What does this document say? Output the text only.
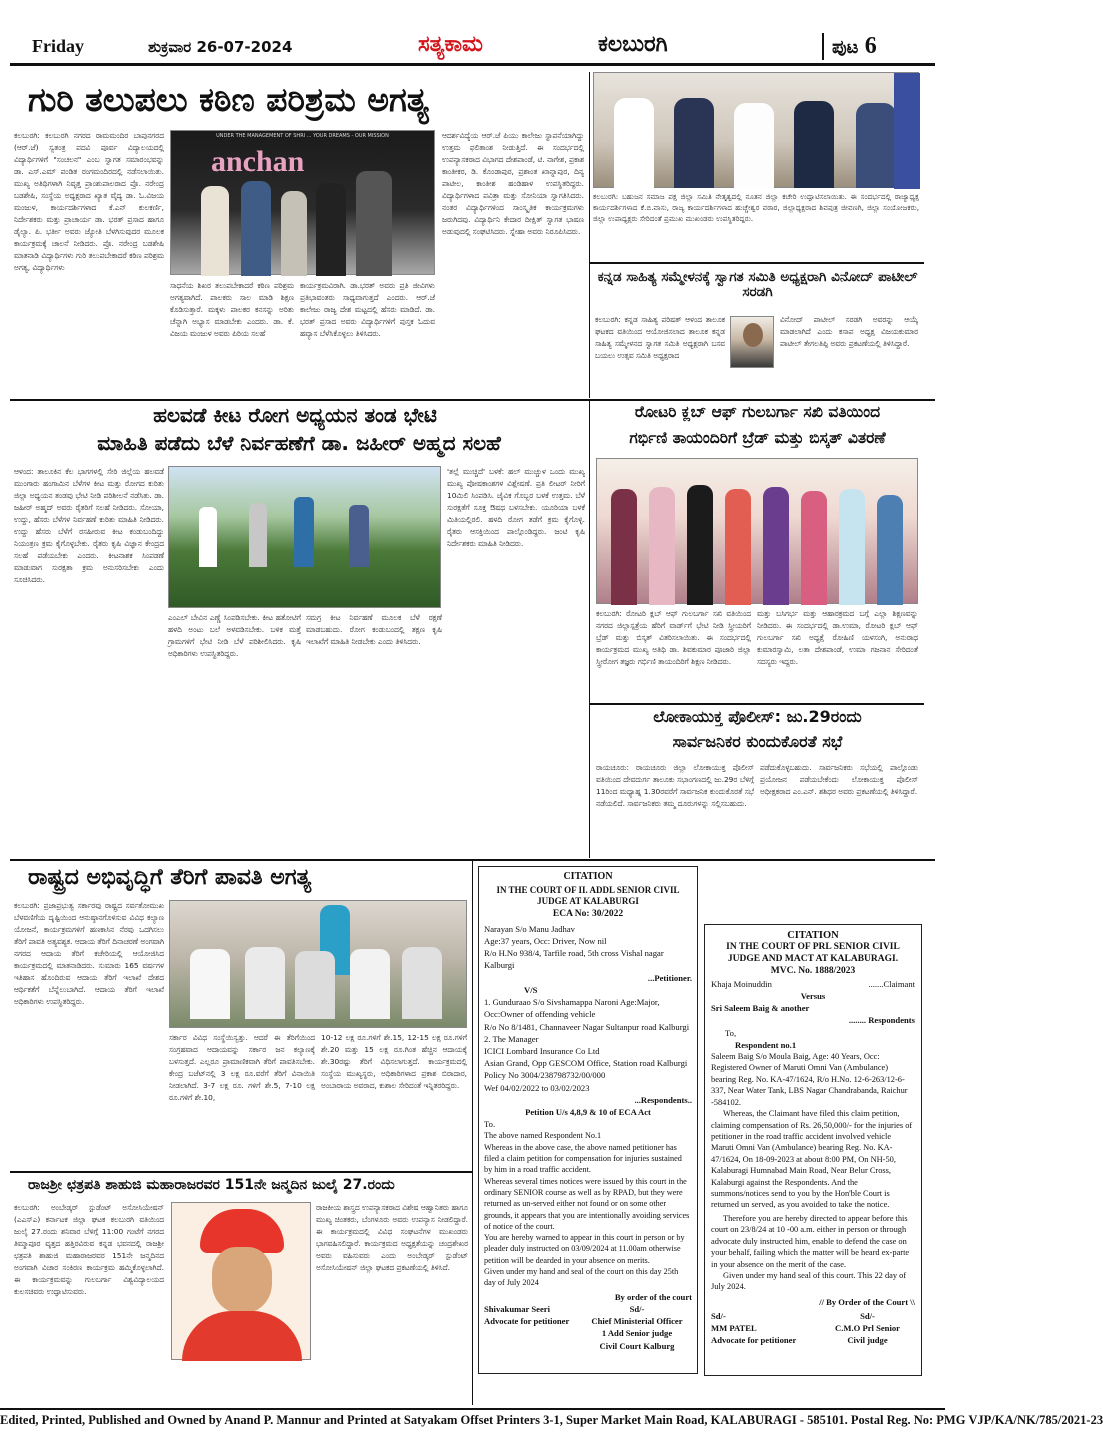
Friday	ಶುಕ್ರವಾರ 26-07-2024	ಸತ್ಯಕಾಮ	ಕಲಬುರಗಿ	ಪುಟ 6
ಗುರಿ ತಲುಪಲು ಕಠಿಣ ಪರಿಶ್ರಮ ಅಗತ್ಯ
ಕಲಬುರಗಿ: ಕಲಬುರಗಿ ನಗರದ ರಾಮಮಂದಿರ ಬಾಪುನಗರದ (ಆರ್.ಜೆ) ಸ್ವತಂತ್ರ ಪದವಿ ಪೂರ್ವ ವಿದ್ಯಾಲಯದಲ್ಲಿ ವಿದ್ಯಾರ್ಥಿಗಳಿಗೆ "ಸಂಚಲನ" ಎಂಬ ಸ್ವಾಗತ ಸಮಾರಂಭವನ್ನು ಡಾ. ಎಸ್.ಎಮ್ ಪಂಡಿತ ರಂಗಮಂದಿರದಲ್ಲಿ ನಡೆಸಲಾಯಿತು. ಮುಖ್ಯ ಅತಿಥಿಗಳಾಗಿ ನಿವೃತ್ತ ಪ್ರಾಂಶುಪಾಲರಾದ ಪ್ರೊ. ನರೇಂದ್ರ ಬಡಶೇಷಿ, ಸಂಸ್ಥೆಯ ಅಧ್ಯಕ್ಷರಾದ ಖ್ಯಾತ ವೈದ್ಯ ಡಾ. ಓ.ವಿಜಯ ಮಂಜುಳ, ಕಾರ್ಯದರ್ಶಿಗಳಾದ ಕೆ.ಎನ್ ಕುಲಕರ್ಣಿ, ನಿರ್ದೇಶಕರು ಮತ್ತು ಪ್ರಾಚಾರ್ಯ ಡಾ. ಭರತ್ ಪ್ರಸಾದ ಹಾಗೂ ಡೈಲ್ಯಾ. ಪಿ. ಭರ್ತೀ ಅವರು ಜ್ಯೋತಿ ಬೆಳಗಿಸುವುದರ ಮೂಲಕ ಕಾರ್ಯಕ್ರಮಕ್ಕೆ ಚಾಲನೆ ನೀಡಿದರು. ಪ್ರೊ. ನರೇಂದ್ರ ಬಡಶೇಷಿ ಮಾತನಾಡಿ ವಿದ್ಯಾರ್ಥಿಗಳು ಗುರಿ ತಲುಪಬೇಕಾದರೆ ಕಠಿಣ ಪರಿಶ್ರಮ ಅಗತ್ಯ, ವಿದ್ಯಾರ್ಥಿಗಳು
UNDER THE MANAGEMENT OF SHRI ... YOUR DREAMS - OUR MISSION
anchan
ಸಾಧನೆಯ ಶಿಖರ ತಲುಪಬೇಕಾದರೆ ಕಠಿಣ ಪರಿಶ್ರಮ ಅಗತ್ಯವಾಗಿದೆ. ಪಾಲಕರು ಸಾಲ ಮಾಡಿ ಶಿಕ್ಷಣ ಕೊಡಿಸುತ್ತಾರೆ. ಮಕ್ಕಳು ಪಾಲಕರ ಕನಸನ್ನು ಅರಿತು ಚೆನ್ನಾಗಿ ಅಭ್ಯಾಸ ಮಾಡಬೇಕು ಎಂದರು. ಡಾ. ಕೆ. ವಿಜಯ ಮಂಜುಳ ಅವರು ಪಿರಿಯ ಸಲಹೆ
ಕಾರ್ಯಕ್ರಮವಿರಾಗಿ. ಡಾ.ಭರತ್ ಅವರು ಪ್ರತಿ ಜೀವಿಗಳು ಪ್ರತಿಭಾವಂತರು ಸಾಧ್ಯವಾಗುತ್ತದೆ ಎಂದರು. ಆರ್.ಜೆ ಕಾಲೇಜು ರಾಜ್ಯ ದೇಶ ಮಟ್ಟದಲ್ಲಿ ಹೆಸರು ಮಾಡಿದೆ. ಡಾ. ಭರತ್ ಪ್ರಸಾದ ಅವರು ವಿದ್ಯಾರ್ಥಿಗಳಿಗೆ ಪುಸ್ತಕ ಓದುವ ಹವ್ಯಾಸ ಬೆಳೆಸಿಕೊಳ್ಳಲು ತಿಳಿಸಿದರು.
ಆದರ್ಶವಿದ್ಯೆಯ ಆರ್.ಜೆ ಪಿಯು ಕಾಲೇಜು ಸ್ಥಾಪನೆಯಾಗಿದ್ದು ಉತ್ತಮ ಫಲಿತಾಂಶ ನೀಡುತ್ತಿದೆ. ಈ ಸಂದರ್ಭದಲ್ಲಿ ಉಪನ್ಯಾಸಕರಾದ ವಿಭಾಗದ ದೇಶಪಾಂಡೆ, ಟಿ. ನಾಗೇಶ, ಪ್ರಕಾಶ ಕಾಂತೀಕರ, ಡಿ. ಕೊಂಡಾಪುರ, ಪ್ರಶಾಂತ ಖಾನ್ನಾಪುರ, ದಿನ್ಯ ಪಾಟೀಲ, ಕಾಂತೀಶ ಹಂಡಿಹಾಳ ಉಪಸ್ಥಿತರಿದ್ದರು. ವಿದ್ಯಾರ್ಥಿಗಳಾದ ಪವಿತ್ರಾ ಮತ್ತು ಸೋನಿಯಾ ಸ್ವಾಗತಿಸಿದರು. ನಂತರ ವಿದ್ಯಾರ್ಥಿಗಳಿಂದ ಸಾಂಸ್ಕೃತಿಕ ಕಾರ್ಯಕ್ರಮಗಳು ಜರುಗಿದವು. ವಿದ್ಯಾರ್ಥಿನಿ ಕೇದಾರ ದೀಕ್ಷಿತ್ ಸ್ವಾಗತ ಭಾಷಣ ಅಡುವುದಲ್ಲಿ ಸಂಘಟಿಸಿದರು. ಸ್ನೇಹಾ ಅವರು ನಿರೂಪಿಸಿದರು.
ಕಲಬುರಗಿ: ಬಹುಜನ ಸಮಾಜ ಪಕ್ಷ ಜಿಲ್ಲಾ ಸಮಿತಿ ನೇತೃತ್ವದಲ್ಲಿ ನೂತನ ಜಿಲ್ಲಾ ಕಚೇರಿ ಉದ್ಘಾಟಿಸಲಾಯಿತು. ಈ ಸಂದರ್ಭದಲ್ಲಿ ರಾಜ್ಯಾಧ್ಯಕ್ಷ ಕಾರ್ಯದರ್ಶಿಗಳಾದ ಕೆ.ಬಿ.ವಾಸು, ರಾಜ್ಯ ಕಾರ್ಯದರ್ಶಿಗಳಾದ ಹುಚ್ಚೇಶ್ವರ ವಠಾರ, ಜಿಲ್ಲಾಧ್ಯಕ್ಷರಾದ ಶಿವಪುತ್ರ ಜೀವಣಗಿ, ಜಿಲ್ಲಾ ಸಂಯೋಜಕರು, ಜಿಲ್ಲಾ ಉಪಾಧ್ಯಕ್ಷರು ಸೇರಿದಂತೆ ಪ್ರಮುಖ ಮುಖಂಡರು ಉಪಸ್ಥಿತರಿದ್ದರು.
ಕನ್ನಡ ಸಾಹಿತ್ಯ ಸಮ್ಮೇಳನಕ್ಕೆ ಸ್ವಾಗತ ಸಮಿತಿ ಅಧ್ಯಕ್ಷರಾಗಿ ವಿನೋದ್ ಪಾಟೀಲ್ ಸರಡಗಿ
ಕಲಬುರಗಿ: ಕನ್ನಡ ಸಾಹಿತ್ಯ ಪರಿಷತ್ ಆಳಂದ ತಾಲೂಕ ಘಟಕದ ವತಿಯಿಂದ ಆಯೋಜಿಸಲಾದ ತಾಲೂಕ ಕನ್ನಡ ಸಾಹಿತ್ಯ ಸಮ್ಮೇಳನದ ಸ್ವಾಗತ ಸಮಿತಿ ಅಧ್ಯಕ್ಷರಾಗಿ ಬಸವ ಬಯಲು ಉತ್ಸವ ಸಮಿತಿ ಅಧ್ಯಕ್ಷರಾದ
ವಿನೋದ್ ಪಾಟೀಲ್ ಸರಡಗಿ ಅವರನ್ನು ಆಯ್ಕೆ ಮಾಡಲಾಗಿದೆ ಎಂದು ಕಸಾಪ ಅಧ್ಯಕ್ಷ ವಿಜಯಕುಮಾರ ಪಾಟೀಲ್ ತೇಗಲತಿಪ್ಪಿ ಅವರು ಪ್ರಕಟಣೆಯಲ್ಲಿ ತಿಳಿಸಿದ್ದಾರೆ.
ಹಲವಡೆ ಕೀಟ ರೋಗ ಅಧ್ಯಯನ ತಂಡ ಭೇಟಿ
ಮಾಹಿತಿ ಪಡೆದು ಬೆಳೆ ನಿರ್ವಹಣೆಗೆ ಡಾ. ಜಹೀರ್ ಅಹ್ಮದ ಸಲಹೆ
ಆಳಂದ: ತಾಲೂಕಿನ ಕೆಲ ಭಾಗಗಳಲ್ಲಿ ಸೇರಿ ಜಿಲ್ಲೆಯ ಹಲವಡೆ ಮುಂಗಾರು ಹಂಗಾಮಿನ ಬೆಳೆಗಳ ಕೀಟ ಮತ್ತು ರೋಗದ ಕುರಿತು ಜಿಲ್ಲಾ ಅಧ್ಯಯನ ತಂಡವು ಭೇಟಿ ನೀಡಿ ಪರಿಶೀಲನೆ ನಡೆಸಿತು. ಡಾ. ಜಹೀರ್ ಅಹ್ಮದ್ ಅವರು ರೈತರಿಗೆ ಸಲಹೆ ನೀಡಿದರು. ಸೋಯಾ, ಉದ್ದು, ಹೆಸರು ಬೆಳೆಗಳ ನಿರ್ವಹಣೆ ಕುರಿತು ಮಾಹಿತಿ ನೀಡಿದರು. ಉದ್ದು ಹೆಸರು ಬೆಳೆಗೆ ರಸಹೀರುವ ಕೀಟ ಕಂಡುಬಂದಿದ್ದು ನಿಯಂತ್ರಣ ಕ್ರಮ ಕೈಗೊಳ್ಳಬೇಕು. ರೈತರು ಕೃಷಿ ವಿಜ್ಞಾನ ಕೇಂದ್ರದ ಸಲಹೆ ಪಡೆಯಬೇಕು ಎಂದರು. ಕೀಟನಾಶಕ ಸಿಂಪಡಣೆ ಮಾಡುವಾಗ ಸುರಕ್ಷತಾ ಕ್ರಮ ಅನುಸರಿಸಬೇಕು ಎಂದು ಸೂಚಿಸಿದರು.
ಎಂಎಲ್ ಬೇವಿನ ಎಣ್ಣೆ ಸಿಂಪಡಿಸಬೇಕು. ಕೀಟ ಹತೋಟಿಗೆ ಹಳದಿ ಅಂಟು ಬಲೆ ಅಳವಡಿಸಬೇಕು. ಬಳಿಕ ಮತ್ತೆ ಗ್ರಾಮಗಳಿಗೆ ಭೇಟಿ ನೀಡಿ ಬೆಳೆ ಪರಿಶೀಲಿಸಿದರು. ಕೃಷಿ ಅಧಿಕಾರಿಗಳು ಉಪಸ್ಥಿತರಿದ್ದರು.
ಸಮಗ್ರ ಕೀಟ ನಿರ್ವಹಣೆ ಮೂಲಕ ಬೆಳೆ ರಕ್ಷಣೆ ಮಾಡಬಹುದು. ರೋಗ ಕಂಡುಬಂದಲ್ಲಿ ತಕ್ಷಣ ಕೃಷಿ ಇಲಾಖೆಗೆ ಮಾಹಿತಿ ನೀಡಬೇಕು ಎಂದು ತಿಳಿಸಿದರು.
'ತಲ್ಲೆ ಮುಚ್ಚಿದೆ' ಬಳಕೆ: ಹಲ್ ಮುಚ್ಚುಳ ಒಂದು ಮುಖ್ಯ ಮುಖ್ಯ ಪೋಷಕಾಂಶಗಳ ವಿಶ್ಲೇಷಣೆ. ಪ್ರತಿ ಲೀಟರ್ ನೀರಿಗೆ 10ಮಿಲಿ ಸಿಂಪಡಿಸಿ. ಜೈವಿಕ ಗೊಬ್ಬರ ಬಳಕೆ ಉತ್ತಮ. ಬೆಳೆ ಸುರಕ್ಷತೆಗೆ ಸೂಕ್ತ ಔಷಧ ಬಳಸಬೇಕು. ಯೂರಿಯಾ ಬಳಕೆ ಮಿತಿಯಲ್ಲಿರಲಿ. ಹಳದಿ ರೋಗ ತಡೆಗೆ ಕ್ರಮ ಕೈಗೊಳ್ಳಿ. ರೈತರು ಆಸಕ್ತಿಯಿಂದ ಪಾಲ್ಗೊಂಡಿದ್ದರು. ಜಂಟಿ ಕೃಷಿ ನಿರ್ದೇಶಕರು ಮಾಹಿತಿ ನೀಡಿದರು.
ರೋಟರಿ ಕ್ಲಬ್ ಆಫ್ ಗುಲಬರ್ಗಾ ಸಖಿ ವತಿಯಿಂದ
ಗರ್ಭಿಣಿ ತಾಯಂದಿರಿಗೆ ಬ್ರೆಡ್ ಮತ್ತು ಬಿಸ್ಕತ್ ವಿತರಣೆ
ಕಲಬುರಗಿ: ರೋಟರಿ ಕ್ಲಬ್ ಆಫ್ ಗುಲಬರ್ಗಾ ಸಖಿ ವತಿಯಿಂದ ನಗರದ ಜಿಲ್ಲಾಸ್ಪತ್ರೆಯ ಹೆರಿಗೆ ವಾರ್ಡ್‌ಗೆ ಭೇಟಿ ನೀಡಿ ಸ್ತ್ರೀಯರಿಗೆ ಬ್ರೆಡ್ ಮತ್ತು ಬಿಸ್ಕತ್ ವಿತರಿಸಲಾಯಿತು. ಈ ಸಂದರ್ಭದಲ್ಲಿ ಕಾರ್ಯಕ್ರಮದ ಮುಖ್ಯ ಅತಿಥಿ ಡಾ. ಶಿವಕುಮಾರ ಪೂಜಾರಿ ಜಿಲ್ಲಾ ಸ್ತ್ರೀರೋಗ ತಜ್ಞರು ಗರ್ಭಿಣಿ ತಾಯಂದಿರಿಗೆ ಶಿಕ್ಷಣ ನೀಡಿದರು.
ಮತ್ತು ಬಸಿಗರ್ಭ ಮತ್ತು ಆಹಾರಕ್ರಮದ ಬಗ್ಗೆ ಎಲ್ಲಾ ಶಿಕ್ಷಣವನ್ನು ನೀಡಿದರು. ಈ ಸಂದರ್ಭದಲ್ಲಿ ಡಾ.ಉಮಾ, ರೋಟರಿ ಕ್ಲಬ್ ಆಫ್ ಗುಲಬರ್ಗಾ ಸಖಿ ಅಧ್ಯಕ್ಷೆ ರೋಹಿಣಿ ಯಳಸಂಗಿ, ಅನುರಾಧ ಕುಮಾರಸ್ವಾಮಿ, ಲತಾ ದೇಶಪಾಂಡೆ, ಉಮಾ ಗಜನಾನ ಸೇರಿದಂತೆ ಸದಸ್ಯರು ಇದ್ದರು.
ಲೋಕಾಯುಕ್ತ ಪೊಲೀಸ್: ಜು.29ರಂದು
ಸಾರ್ವಜನಿಕರ ಕುಂದುಕೊರತೆ ಸಭೆ
ರಾಯಚೂರು: ರಾಯಚೂರು ಜಿಲ್ಲಾ ಲೋಕಾಯುಕ್ತ ಪೊಲೀಸ್ ವತಿಯಿಂದ ದೇವದುರ್ಗ ತಾಲೂಕು ಸಭಾಂಗಣದಲ್ಲಿ ಜು.29ರ ಬೆಳಿಗ್ಗೆ 11ರಿಂದ ಮಧ್ಯಾಹ್ನ 1.30ರವರೆಗೆ ಸಾರ್ವಜನಿಕ ಕುಂದುಕೊರತೆ ಸಭೆ ನಡೆಯಲಿದೆ. ಸಾರ್ವಜನಿಕರು ತಮ್ಮ ದೂರುಗಳನ್ನು ಸಲ್ಲಿಸಬಹುದು.
ಪಡೆದುಕೊಳ್ಳಬಹುದು. ಸಾರ್ವಜನಿಕರು ಸಭೆಯಲ್ಲಿ ಪಾಲ್ಗೊಂಡು ಪ್ರಯೋಜನ ಪಡೆಯಬೇಕೆಂದು ಲೋಕಾಯುಕ್ತ ಪೊಲೀಸ್ ಅಧೀಕ್ಷಕರಾದ ಎಂ.ಎನ್. ಶಶಿಧರ ಅವರು ಪ್ರಕಟಣೆಯಲ್ಲಿ ತಿಳಿಸಿದ್ದಾರೆ.
ರಾಷ್ಟ್ರದ ಅಭಿವೃದ್ಧಿಗೆ ತೆರಿಗೆ ಪಾವತಿ ಅಗತ್ಯ
ಕಲಬುರಗಿ: ಪ್ರಜಾಪ್ರಭುತ್ವ ಸರ್ಕಾರವು ರಾಷ್ಟ್ರದ ಸರ್ವತೋಮುಖ ಬೆಳವಣಿಗೆಯ ದೃಷ್ಟಿಯಿಂದ ಆನುಷ್ಠಾನಗೊಳಿಸುವ ವಿವಿಧ ಕಲ್ಯಾಣ ಯೋಜನೆ, ಕಾರ್ಯಕ್ರಮಗಳಿಗೆ ಹಣಕಾಸಿನ ನೆರವು ಒದಗಿಸಲು ತೆರಿಗೆ ಪಾವತಿ ಅತ್ಯವಶ್ಯಕ. ಆದಾಯ ತೆರಿಗೆ ದಿನಾಚರಣೆ ಅಂಗವಾಗಿ ನಗರದ ಆದಾಯ ತೆರಿಗೆ ಕಚೇರಿಯಲ್ಲಿ ಆಯೋಜಿಸಿದ ಕಾರ್ಯಕ್ರಮದಲ್ಲಿ ಮಾತನಾಡಿದರು. ಸುಮಾರು 165 ವರ್ಷಗಳ ಇತಿಹಾಸ ಹೊಂದಿರುವ ಆದಾಯ ತೆರಿಗೆ ಇಲಾಖೆ ದೇಶದ ಆರ್ಥಿಕತೆಗೆ ಬೆನ್ನೆಲುಬಾಗಿದೆ. ಆದಾಯ ತೆರಿಗೆ ಇಲಾಖೆ ಅಧಿಕಾರಿಗಳು ಉಪಸ್ಥಿತರಿದ್ದರು.
ಸರ್ಕಾರ ವಿವಿಧ ಸಂಸ್ಥೆಯಿಸ್ವತ್ತು. ಆದರೆ ಈ ತೆರಿಗೆಯಿಂದ ಸಂಗ್ರಹವಾದ ಆದಾಯವನ್ನು ಸರ್ಕಾರ ಜನ ಕಲ್ಯಾಣಕ್ಕೆ ಬಳಸುತ್ತದೆ. ಎಲ್ಲರೂ ಪ್ರಾಮಾಣಿಕವಾಗಿ ತೆರಿಗೆ ಪಾವತಿಸಬೇಕು. ಕೇಂದ್ರ ಬಜೆಟ್‌ನಲ್ಲಿ 3 ಲಕ್ಷ ರೂ.ವರೆಗೆ ತೆರಿಗೆ ವಿನಾಯಿತಿ ನೀಡಲಾಗಿದೆ. 3-7 ಲಕ್ಷ ರೂ. ಗಳಿಗೆ ಶೇ.5, 7-10 ಲಕ್ಷ ರೂ.ಗಳಿಗೆ ಶೇ.10,
10-12 ಲಕ್ಷ ರೂ.ಗಳಿಗೆ ಶೇ.15, 12-15 ಲಕ್ಷ ರೂ.ಗಳಿಗೆ ಶೇ.20 ಮತ್ತು 15 ಲಕ್ಷ ರೂ.ಗಿಂತ ಹೆಚ್ಚಿನ ಆದಾಯಕ್ಕೆ ಶೇ.30ರಷ್ಟು ತೆರಿಗೆ ವಿಧಿಸಲಾಗುತ್ತದೆ. ಕಾರ್ಯಕ್ರಮದಲ್ಲಿ ಸಂಸ್ಥೆಯ ಮುಖ್ಯಸ್ಥರು, ಅಧಿಕಾರಿಗಳಾದ ಪ್ರಕಾಶ ಬಿರಾದಾರ, ಅಂಬಾರಾಯ ಅವರಾದ, ಕುಶಾಲ ಸೇರಿದಂತೆ ಇನ್ನಿತರರಿದ್ದರು.
ರಾಜಶ್ರೀ ಛತ್ರಪತಿ ಶಾಹುಜಿ ಮಹಾರಾಜರವರ 151ನೇ ಜನ್ಮದಿನ ಜುಲೈ 27.ರಂದು
ಕಲಬುರಗಿ: ಅಂಬೇಡ್ಕರ್ ಸ್ಟುಡೆಂಟ್ ಅಸೋಸಿಯೇಷನ್ (ಎಎಸ್‌ಎ) ಕರ್ನಾಟಕ ಜಿಲ್ಲಾ ಘಟಕ ಕಲಬುರಗಿ ವತಿಯಿಂದ ಜುಲೈ 27.ರಂದು ಶನಿವಾರ ಬೆಳಿಗ್ಗೆ 11:00 ಗಂಟೆಗೆ ನಗರದ ತಿಮ್ಮಾಪೂರ ವೃತ್ತದ ಹತ್ತಿರವಿರುವ ಕನ್ನಡ ಭವನದಲ್ಲಿ ರಾಜಶ್ರೀ ಛತ್ರಪತಿ ಶಾಹುಜಿ ಮಹಾರಾಜರವರ 151ನೇ ಜನ್ಮದಿನದ ಅಂಗವಾಗಿ ವಿಚಾರ ಸಂಕಿರಣ ಕಾರ್ಯಕ್ರಮ ಹಮ್ಮಿಕೊಳ್ಳಲಾಗಿದೆ. ಈ ಕಾರ್ಯಕ್ರಮವನ್ನು ಗುಲಬರ್ಗಾ ವಿಶ್ವವಿದ್ಯಾಲಯದ ಕುಲಸಚಿವರು ಉದ್ಘಾಟಿಸುವರು.
ರಾಜಕೀಯ ಶಾಸ್ತ್ರದ ಉಪನ್ಯಾಸಕರಾದ ವಿಶೇಷ ಆಹ್ವಾನಿತರು ಹಾಗೂ ಮುಖ್ಯ ಚಿಂತಕರು, ಬೆಂಗಳೂರು ಅವರು ಉಪನ್ಯಾಸ ನೀಡಲಿದ್ದಾರೆ. ಈ ಕಾರ್ಯಕ್ರಮದಲ್ಲಿ ವಿವಿಧ ಸಂಘಟನೆಗಳ ಮುಖಂಡರು ಭಾಗವಹಿಸಲಿದ್ದಾರೆ. ಕಾರ್ಯಕ್ರಮದ ಅಧ್ಯಕ್ಷತೆಯನ್ನು ಚಂದ್ರಶೇಖರ ಅವರು ವಹಿಸುವರು ಎಂದು ಅಂಬೇಡ್ಕರ್ ಸ್ಟುಡೆಂಟ್ ಅಸೋಸಿಯೇಷನ್ ಜಿಲ್ಲಾ ಘಟಕದ ಪ್ರಕಟಣೆಯಲ್ಲಿ ತಿಳಿಸಿದೆ.
CITATION
IN THE COURT OF II. ADDL SENIOR CIVIL JUDGE AT KALABURGI
ECA No: 30/2022
Narayan S/o Manu Jadhav
Age:37 years, Occ: Driver, Now nil
R/o H.No 938/4, Tarfile road, 5th cross Vishal nagar Kalburgi
...Petitioner.
V/S
1. Gunduraao S/o Sivshamappa Naroni Age:Major, Occ:Owner of offending vehicle
R/o No 8/1481, Channaveer Nagar Sultanpur road Kalburgi
2. The Manager
ICICI Lombard Insurance Co Ltd
Asian Grand, Opp GESCOM Office, Station road Kalburgi
Policy No 3004/238798732/00/000
Wef 04/02/2022 to 03/02/2023
...Respondents..
Petition U/s 4,8,9 & 10 of ECA Act
To.
The above named Respondent No.1
Whereas in the above case, the above named petitioner has filed a claim petition for compensation for injuries sustained by him in a road traffic accident.
Whereas several times notices were issued by this court in the ordinary SENIOR course as well as by RPAD, but they were returned as un-served either not found or on some other grounds, it appears that you are intentionally avoiding services of notice of the court.
You are hereby warned to appear in this court in person or by pleader duly instructed on 03/09/2024 at 11.00am otherwise petition will be dearded in your absence on merits.
Given under my hand and seal of the court on this day 25th day of July 2024
By order of the court
Shivakumar Seeri
Advocate for petitioner
Sd/-
Chief Ministerial Officer
1 Add Senior judge
Civil Court Kalburg
CITATION
IN THE COURT OF PRL SENIOR CIVIL JUDGE AND MACT AT KALABURAGI.
MVC. No. 1888/2023
Khaja Moinuddin	.......Claimant
Versus
Sri Saleem Baig & another
........ Respondents
To,
Respondent no.1
Saleem Baig S/o Moula Baig, Age: 40 Years, Occ: Registered Owner of Maruti Omni Van (Ambulance) bearing Reg. No. KA-47/1624, R/o H.No. 12-6-263/12-6-337, Near Water Tank, LBS Nagar Chandrabanda, Raichur -584102.
Whereas, the Claimant have filed this claim petition, claiming compensation of Rs. 26,50,000/- for the injuries of petitioner in the road traffic accident involved vehicle Maruti Omni Van (Ambulance) bearing Reg. No. KA-47/1624, On 18-09-2023 at about 8:00 PM, On NH-50, Kalaburagi Humnabad Main Road, Near Belur Cross, Kalaburgi against the Respondents. And the summons/notices send to you by the Hon'ble Court is returned un served, as you avoided to take the notice.
Therefore you are hereby directed to appear before this court on 23/8/24 at 10 -00 a.m. either in person or through advocate duly instructed him, enable to defend the case on your behalf, failing which the matter will be heard ex-parte in your absence on the merit of the case.
Given under my hand seal of this court. This 22 day of July 2024.
// By Order of the Court \\
Sd/-
MM PATEL
Advocate for petitioner
Sd/-
C.M.O Prl Senior
Civil judge
Edited, Printed, Published and Owned by Anand P. Mannur and Printed at Satyakam Offset Printers 3-1, Super Market Main Road, KALABURAGI - 585101. Postal Reg. No: PMG VJP/KA/NK/785/2021-23
